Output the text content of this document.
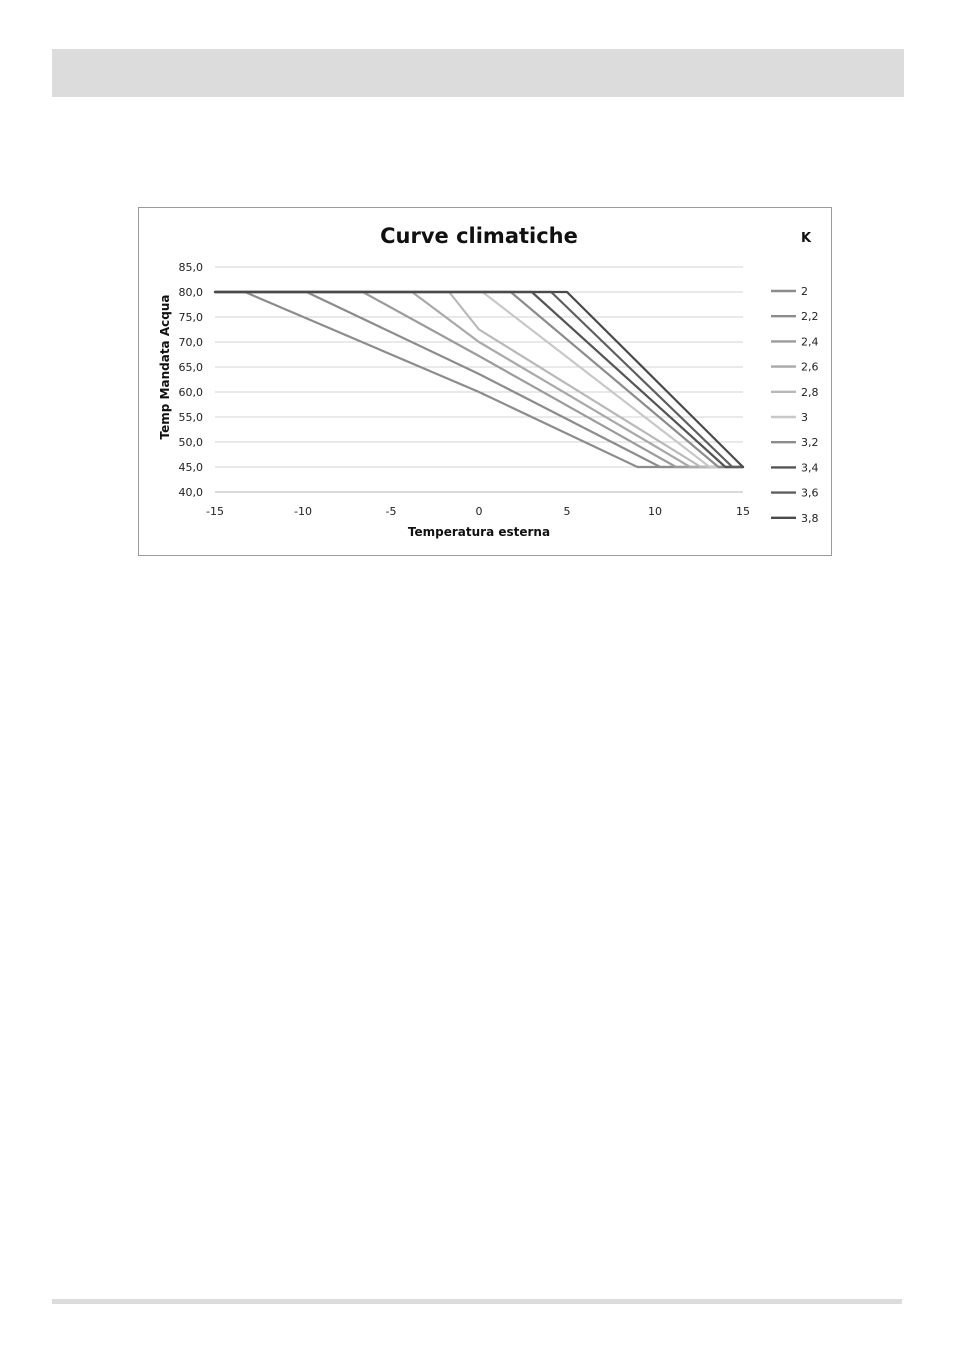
Curve climatiche	K
40,0
45,0
50,0
55,0
60,0
65,0
70,0
75,0
80,0
85,0
-15	-10	-5	0	5	10	15
Temperatura esterna
Temp Mandata Acqua
2
2,2
2,4
2,6
2,8
3
3,2
3,4
3,6
3,8
